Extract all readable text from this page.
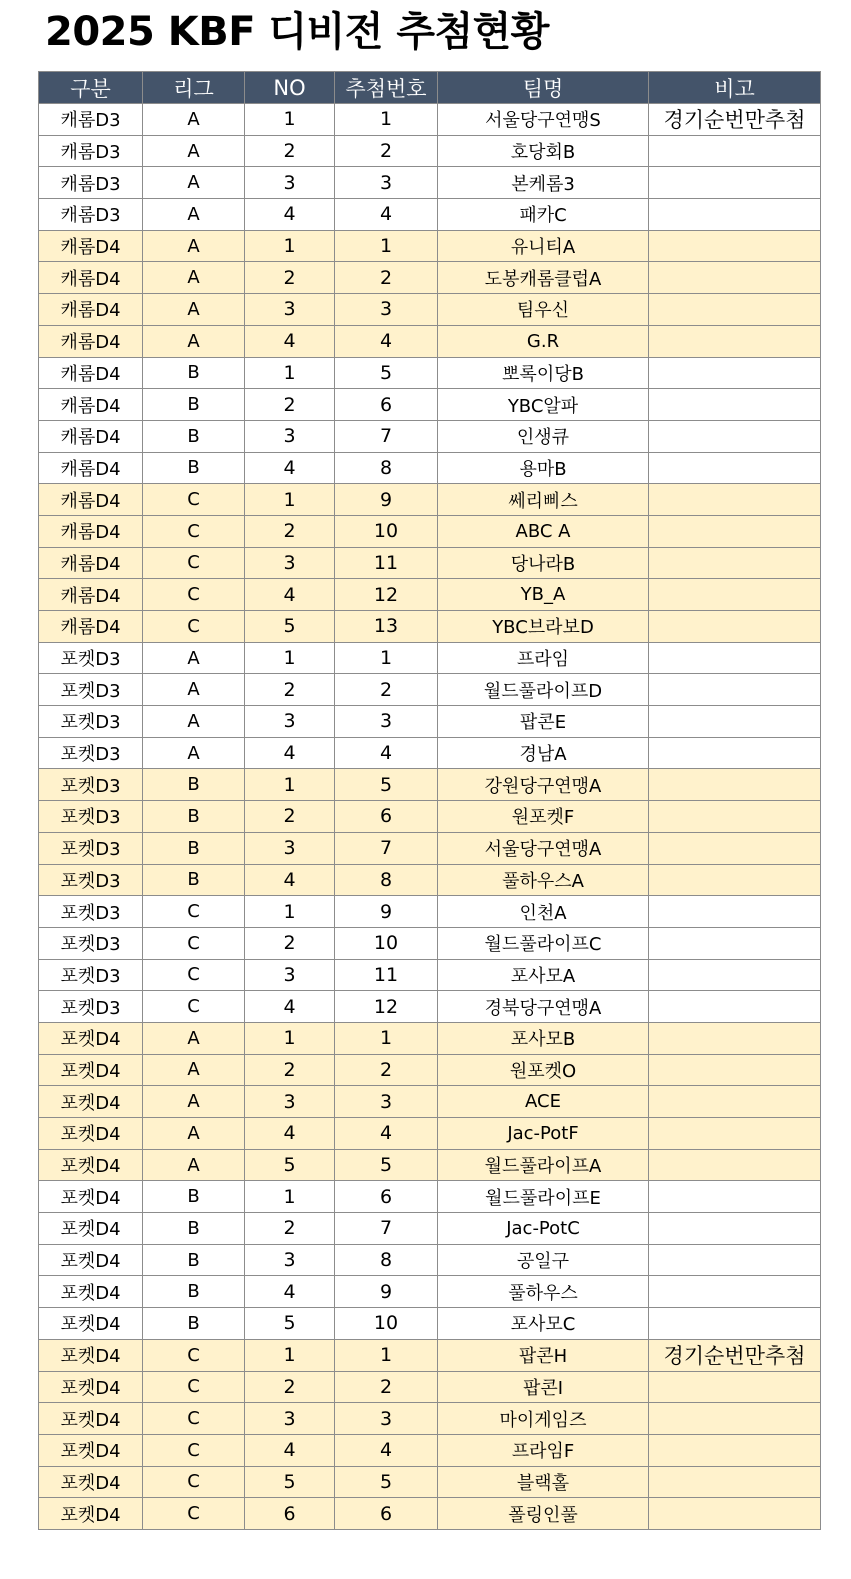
2025 KBF 디비전 추첨현황
구분	리그	NO	추첨번호	팀명	비고
캐롬D3	A	1	1	서울당구연맹S	경기순번만추첨
캐롬D3	A	2	2	호당회B	
캐롬D3	A	3	3	본케롬3	
캐롬D3	A	4	4	패카C	
캐롬D4	A	1	1	유니티A	
캐롬D4	A	2	2	도봉캐롬클럽A	
캐롬D4	A	3	3	팀우신	
캐롬D4	A	4	4	G.R	
캐롬D4	B	1	5	뽀록이당B	
캐롬D4	B	2	6	YBC알파	
캐롬D4	B	3	7	인생큐	
캐롬D4	B	4	8	용마B	
캐롬D4	C	1	9	쎄리삐스	
캐롬D4	C	2	10	ABC A	
캐롬D4	C	3	11	당나라B	
캐롬D4	C	4	12	YB_A	
캐롬D4	C	5	13	YBC브라보D	
포켓D3	A	1	1	프라임	
포켓D3	A	2	2	월드풀라이프D	
포켓D3	A	3	3	팝콘E	
포켓D3	A	4	4	경남A	
포켓D3	B	1	5	강원당구연맹A	
포켓D3	B	2	6	원포켓F	
포켓D3	B	3	7	서울당구연맹A	
포켓D3	B	4	8	풀하우스A	
포켓D3	C	1	9	인천A	
포켓D3	C	2	10	월드풀라이프C	
포켓D3	C	3	11	포사모A	
포켓D3	C	4	12	경북당구연맹A	
포켓D4	A	1	1	포사모B	
포켓D4	A	2	2	원포켓O	
포켓D4	A	3	3	ACE	
포켓D4	A	4	4	Jac-PotF	
포켓D4	A	5	5	월드풀라이프A	
포켓D4	B	1	6	월드풀라이프E	
포켓D4	B	2	7	Jac-PotC	
포켓D4	B	3	8	공일구	
포켓D4	B	4	9	풀하우스	
포켓D4	B	5	10	포사모C	
포켓D4	C	1	1	팝콘H	경기순번만추첨
포켓D4	C	2	2	팝콘I	
포켓D4	C	3	3	마이게임즈	
포켓D4	C	4	4	프라임F	
포켓D4	C	5	5	블랙홀	
포켓D4	C	6	6	폴링인풀	
